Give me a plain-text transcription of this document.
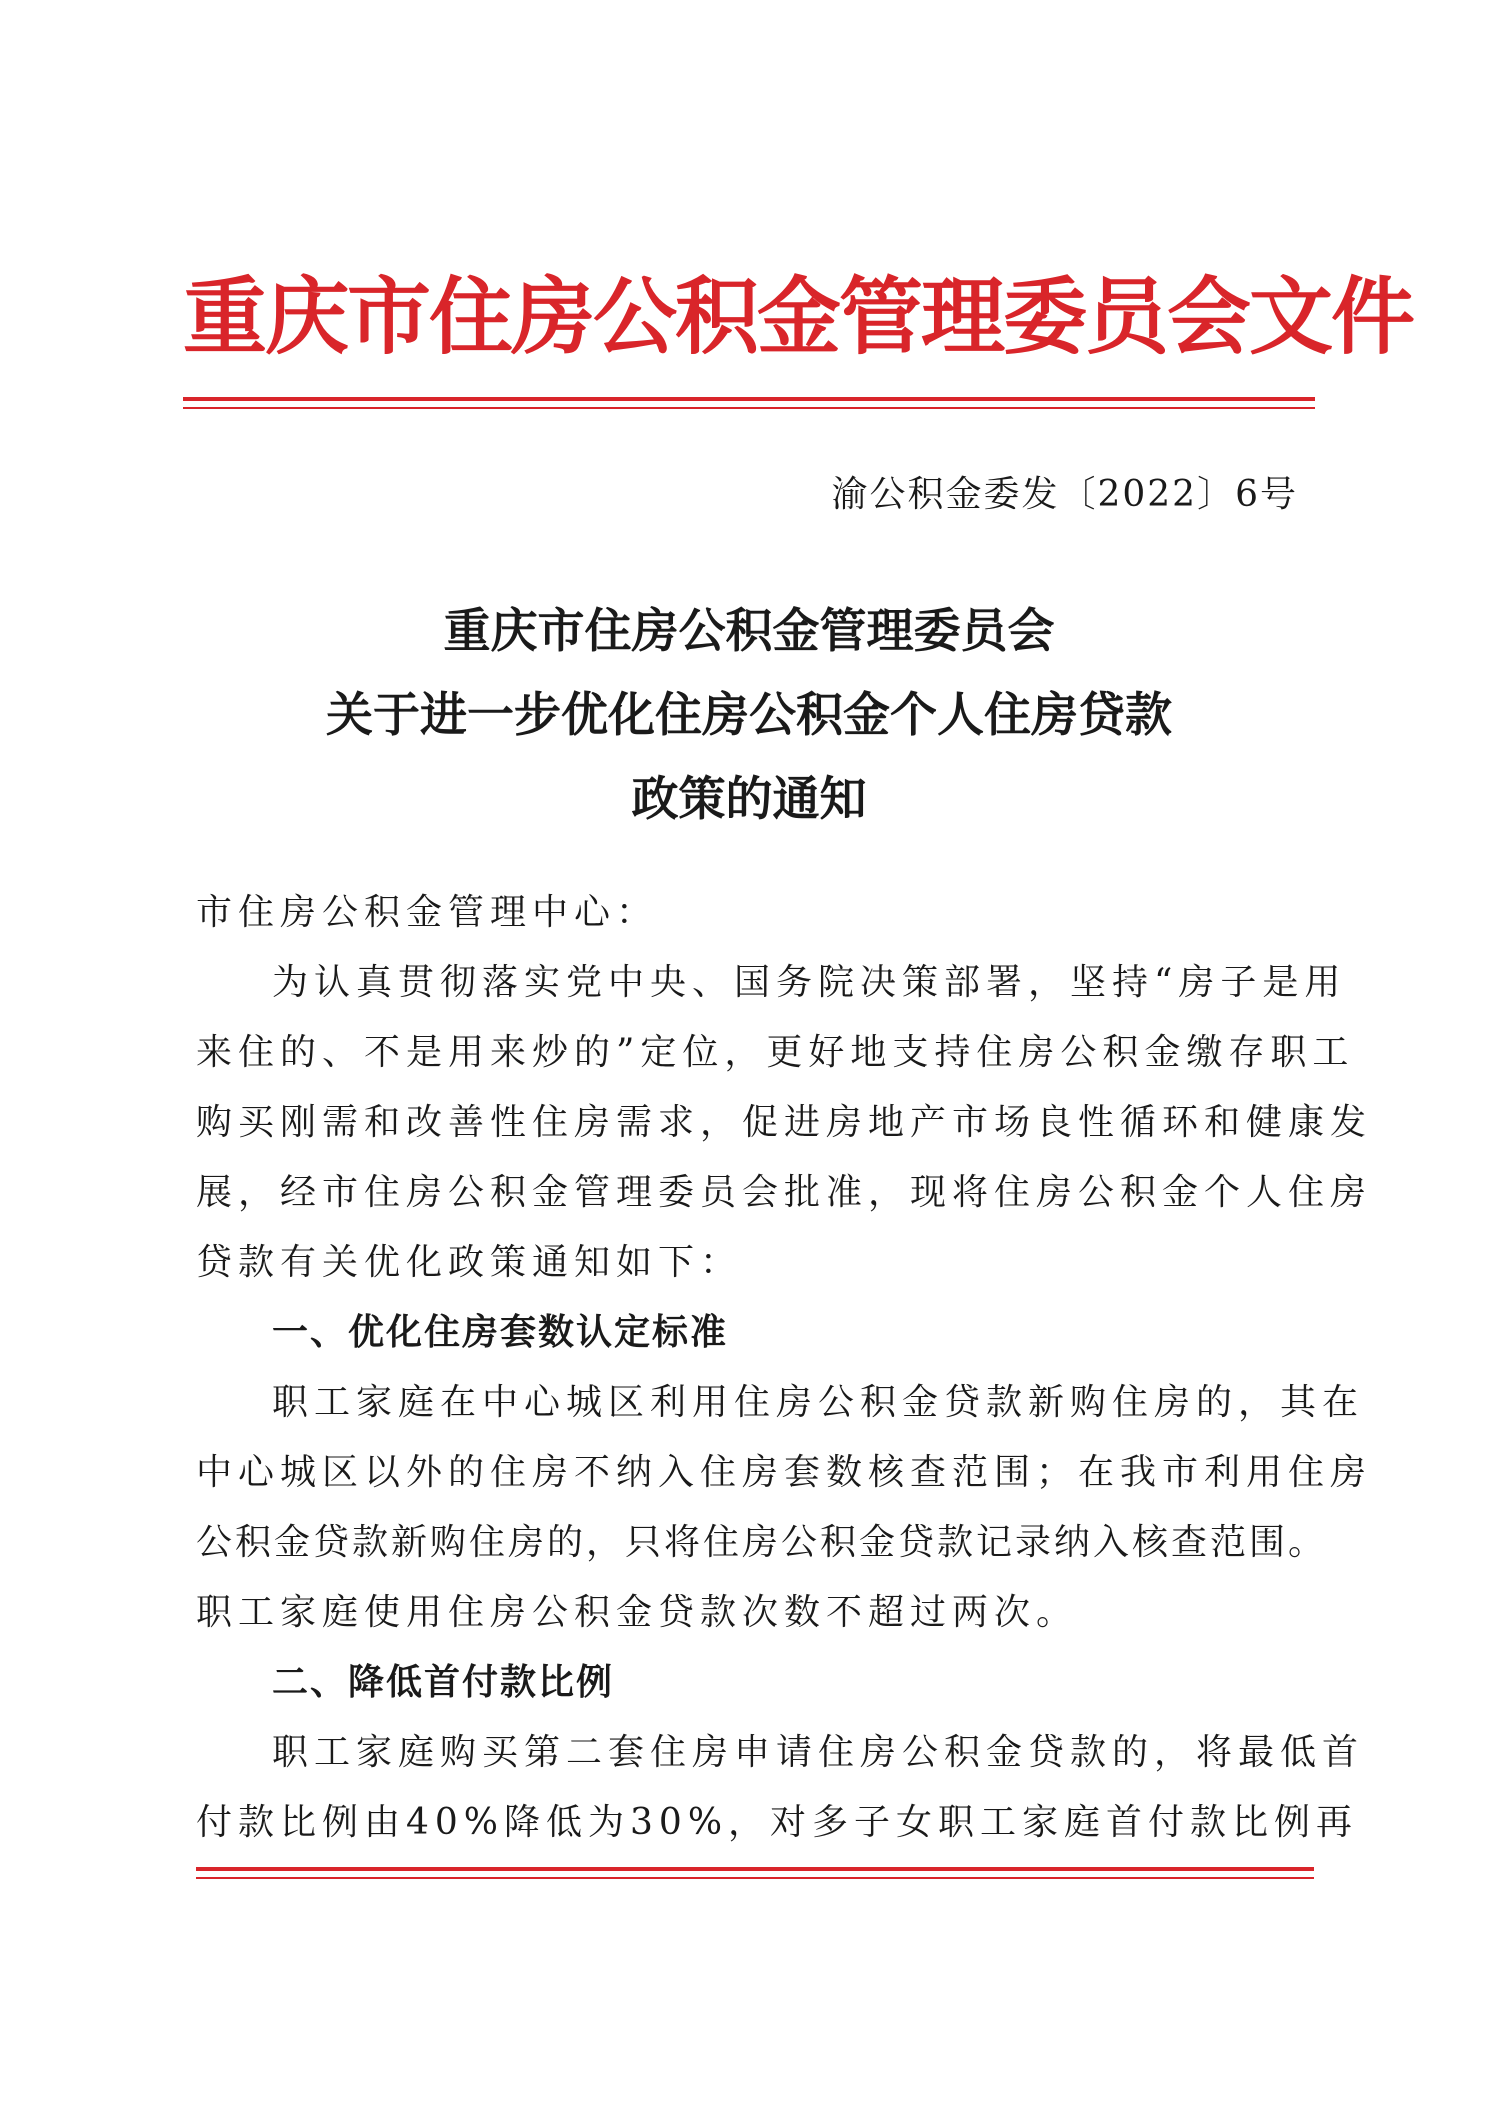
重庆市住房公积金管理委员会文件
渝公积金委发〔2022〕6号
重庆市住房公积金管理委员会
关于进一步优化住房公积金个人住房贷款
政策的通知
市住房公积金管理中心：
为认真贯彻落实党中央、国务院决策部署，坚持“房子是用
来住的、不是用来炒的”定位，更好地支持住房公积金缴存职工
购买刚需和改善性住房需求，促进房地产市场良性循环和健康发
展，经市住房公积金管理委员会批准，现将住房公积金个人住房
贷款有关优化政策通知如下：
一、优化住房套数认定标准
职工家庭在中心城区利用住房公积金贷款新购住房的，其在
中心城区以外的住房不纳入住房套数核查范围；在我市利用住房
公积金贷款新购住房的，只将住房公积金贷款记录纳入核查范围。
职工家庭使用住房公积金贷款次数不超过两次。
二、降低首付款比例
职工家庭购买第二套住房申请住房公积金贷款的，将最低首
付款比例由40%降低为30%，对多子女职工家庭首付款比例再
